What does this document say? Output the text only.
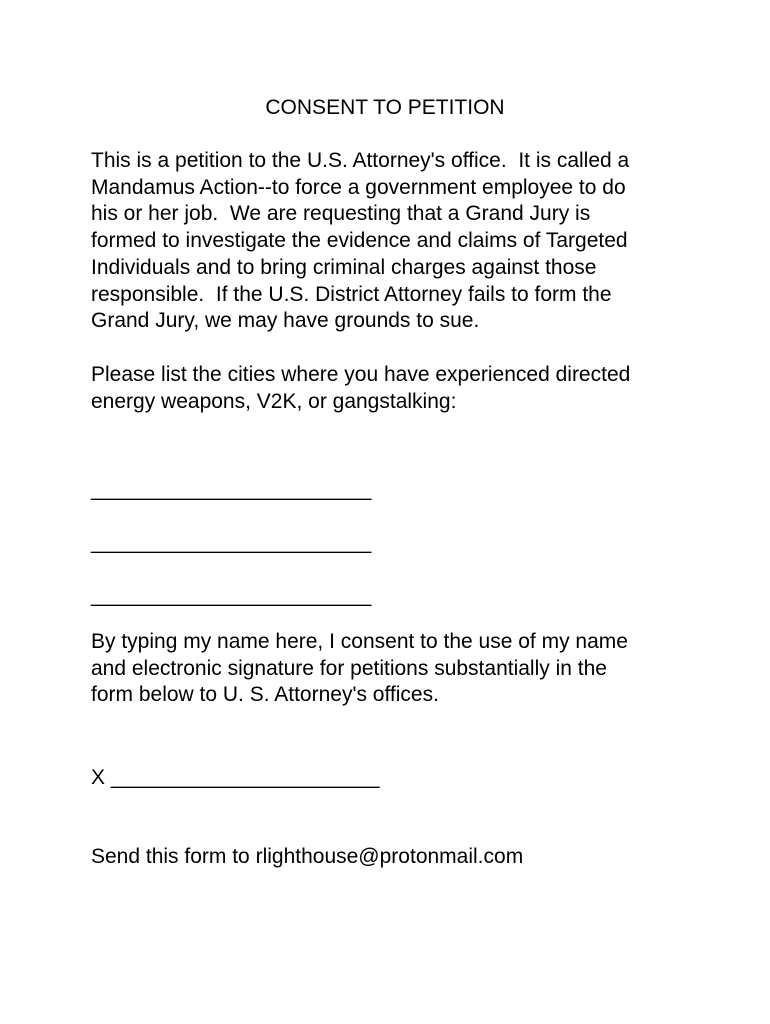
CONSENT TO PETITION
This is a petition to the U.S. Attorney's office.  It is called a
Mandamus Action--to force a government employee to do
his or her job.  We are requesting that a Grand Jury is
formed to investigate the evidence and claims of Targeted
Individuals and to bring criminal charges against those
responsible.  If the U.S. District Attorney fails to form the
Grand Jury, we may have grounds to sue.
Please list the cities where you have experienced directed
energy weapons, V2K, or gangstalking:
________________________
________________________
________________________
By typing my name here, I consent to the use of my name
and electronic signature for petitions substantially in the
form below to U. S. Attorney's offices.
X _______________________
Send this form to rlighthouse@protonmail.com
